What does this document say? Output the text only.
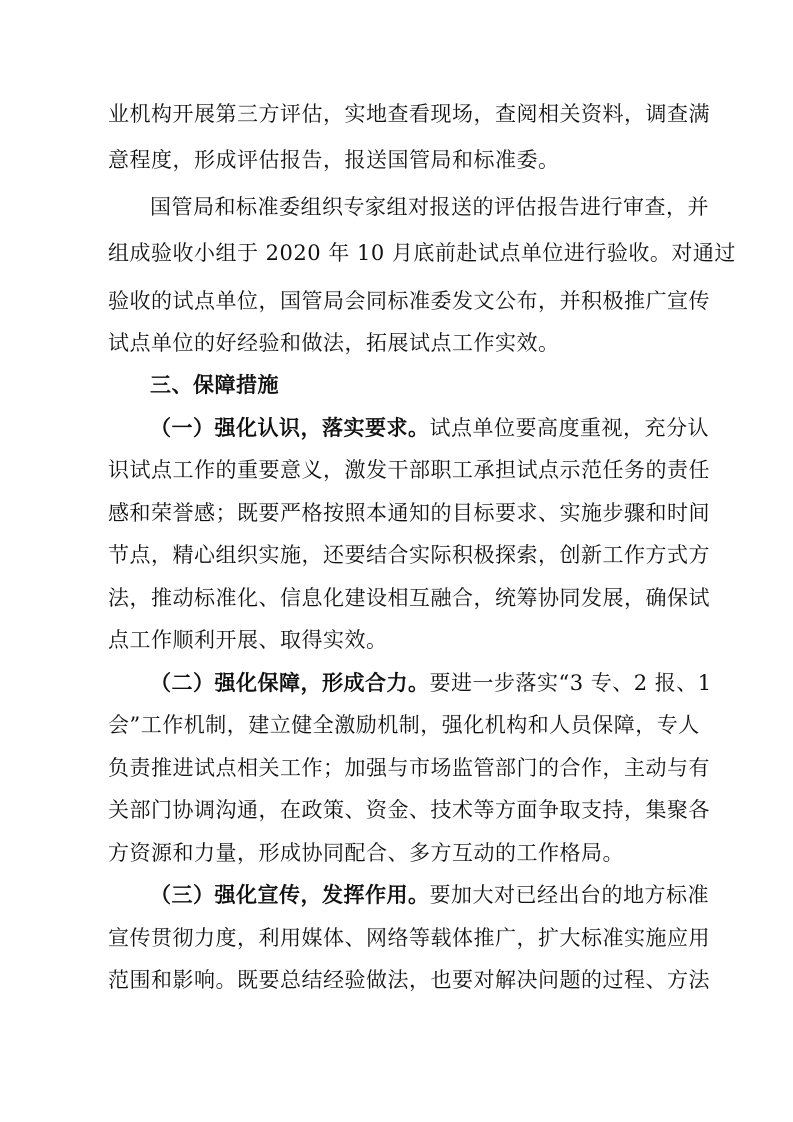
业机构开展第三方评估，实地查看现场，查阅相关资料，调查满
意程度，形成评估报告，报送国管局和标准委。
国管局和标准委组织专家组对报送的评估报告进行审查，并
组成验收小组于 2020 年 10 月底前赴试点单位进行验收。对通过
验收的试点单位，国管局会同标准委发文公布，并积极推广宣传
试点单位的好经验和做法，拓展试点工作实效。
三、保障措施
（一）强化认识，落实要求。试点单位要高度重视，充分认
识试点工作的重要意义，激发干部职工承担试点示范任务的责任
感和荣誉感；既要严格按照本通知的目标要求、实施步骤和时间
节点，精心组织实施，还要结合实际积极探索，创新工作方式方
法，推动标准化、信息化建设相互融合，统筹协同发展，确保试
点工作顺利开展、取得实效。
（二）强化保障，形成合力。要进一步落实“3 专、2 报、1
会”工作机制，建立健全激励机制，强化机构和人员保障，专人
负责推进试点相关工作；加强与市场监管部门的合作，主动与有
关部门协调沟通，在政策、资金、技术等方面争取支持，集聚各
方资源和力量，形成协同配合、多方互动的工作格局。
（三）强化宣传，发挥作用。要加大对已经出台的地方标准
宣传贯彻力度，利用媒体、网络等载体推广，扩大标准实施应用
范围和影响。既要总结经验做法，也要对解决问题的过程、方法
